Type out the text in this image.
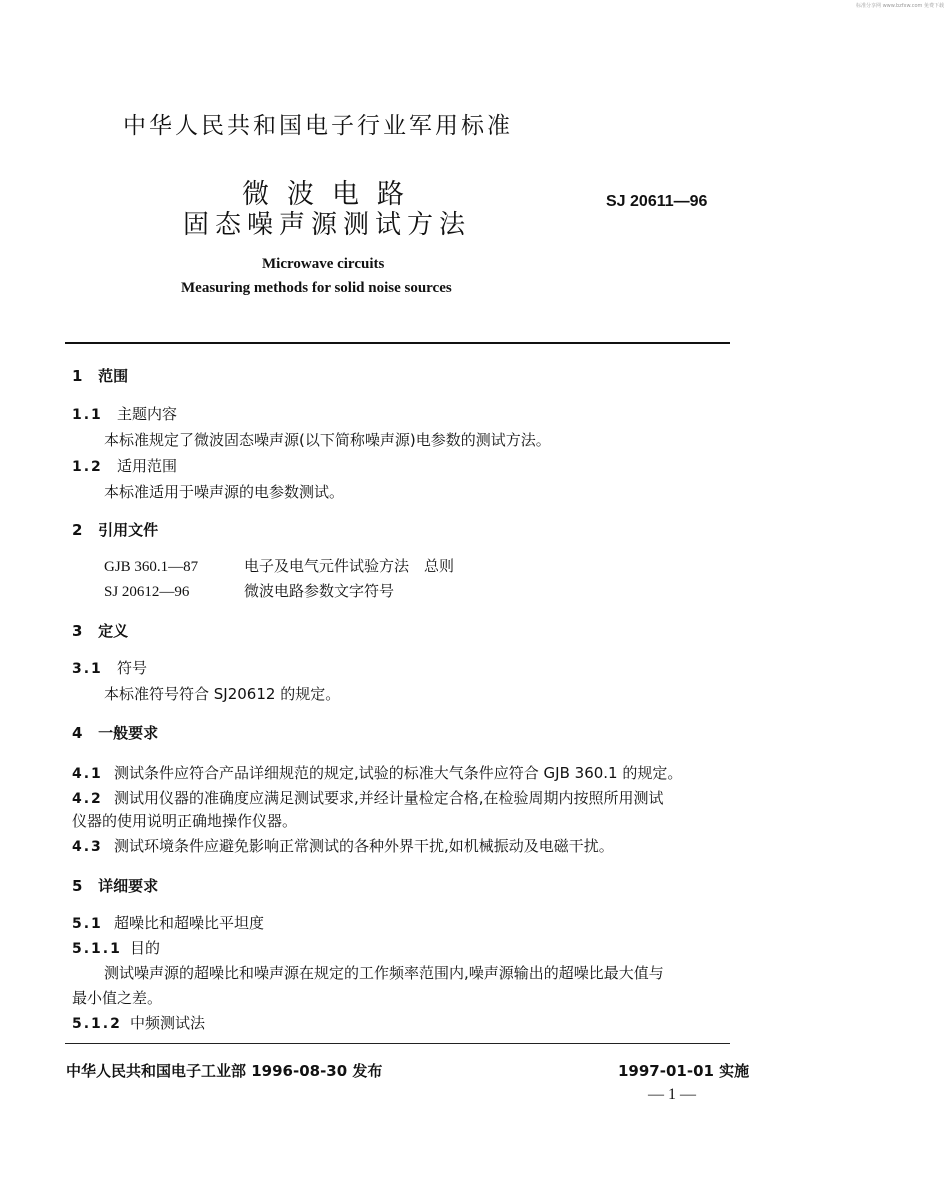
标准分享网 www.bzfxw.com 免费下载
中华人民共和国电子行业军用标准
微波电路
固态噪声源测试方法
SJ 20611—96
Microwave circuits
Measuring methods for solid noise sources
1 范围
1.1 主题内容
本标准规定了微波固态噪声源(以下简称噪声源)电参数的测试方法。
1.2 适用范围
本标准适用于噪声源的电参数测试。
2 引用文件
GJB 360.1—87	电子及电气元件试验方法　总则
SJ 20612—96	微波电路参数文字符号
3 定义
3.1 符号
本标准符号符合 SJ20612 的规定。
4 一般要求
4.1 测试条件应符合产品详细规范的规定,试验的标准大气条件应符合 GJB 360.1 的规定。
4.2 测试用仪器的准确度应满足测试要求,并经计量检定合格,在检验周期内按照所用测试
仪器的使用说明正确地操作仪器。
4.3 测试环境条件应避免影响正常测试的各种外界干扰,如机械振动及电磁干扰。
5 详细要求
5.1 超噪比和超噪比平坦度
5.1.1 目的
测试噪声源的超噪比和噪声源在规定的工作频率范围内,噪声源输出的超噪比最大值与
最小值之差。
5.1.2 中频测试法
中华人民共和国电子工业部 1996-08-30 发布	1997-01-01 实施
— 1 —
